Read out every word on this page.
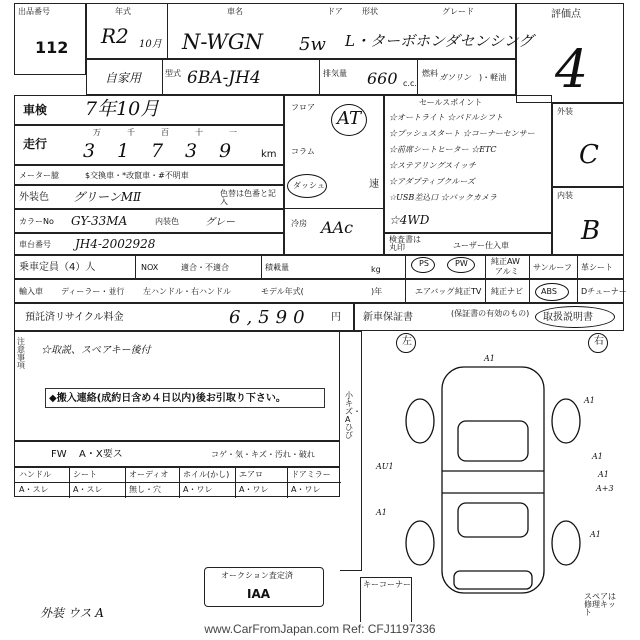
出品番号
112
年式	車名	ドア 形状	グレード
R2 10月 N-WGN 5w L・ターボホンダセンシング
評価点
4
自家用	型式 6BA-JH4	排気量 660 c.c.
燃料 ガソリン )・軽油
車検 7年10月
走行
万	千	百	十	一
3 1 7 3 9	km
メーター臆	$交換車・*改竄車・#不明車
外装色 グリーンMⅡ	色替は色番と記入
カラーNo GY-33MA	内装色	グレー
車台番号 JH4-2002928
フロア
コラム
ダッシュ
AT
速
冷房 AAc
セールスポイント
☆オートライト ☆パドルシフト
☆プッシュスタート ☆コーナーセンサー
☆前席シートヒーター ☆ETC
☆ステアリングスイッチ
☆アダプティブクルーズ
☆USB差込口 ☆バックカメラ
☆4WD
外装
C
内装
B
検査書は丸印	ユーザー仕入車
乗車定員（4）人	NOX	適合・不適合	積載量	kg
PS	PW	純正AW
アルミ サンルーフ 革シート
輸入車 ディーラー・並行 左ハンドル・右ハンドル	モデル年式(	)年	エアバッグ 純正TV 純正ナビ ABS	Dチューナー
預託済リサイクル料金	6,590 円 新車保証書	(保証書の有効のもの) 取扱説明書
注意事項
☆取説、スペアキー後付
◆搬入連絡(成約日含め４日以内)後お引取り下さい。	小 キズ・Aひび
FW A・X要ス	コゲ・気・キズ・汚れ・破れ
ハンドル	シート	オーディオ ホイル(かし) エアロ	ドアミラー
A・スレ	A・スレ	無し・穴	A・ワレ	A・ワレ	A・ワレ
オークション査定済
IAA
外装 ウス A
左	右
A1
A1
A1
A1
A+3
AU1
A1
A1
キーコーナー
スペアは修理キット
www.CarFromJapan.com Ref: CFJ1197336
